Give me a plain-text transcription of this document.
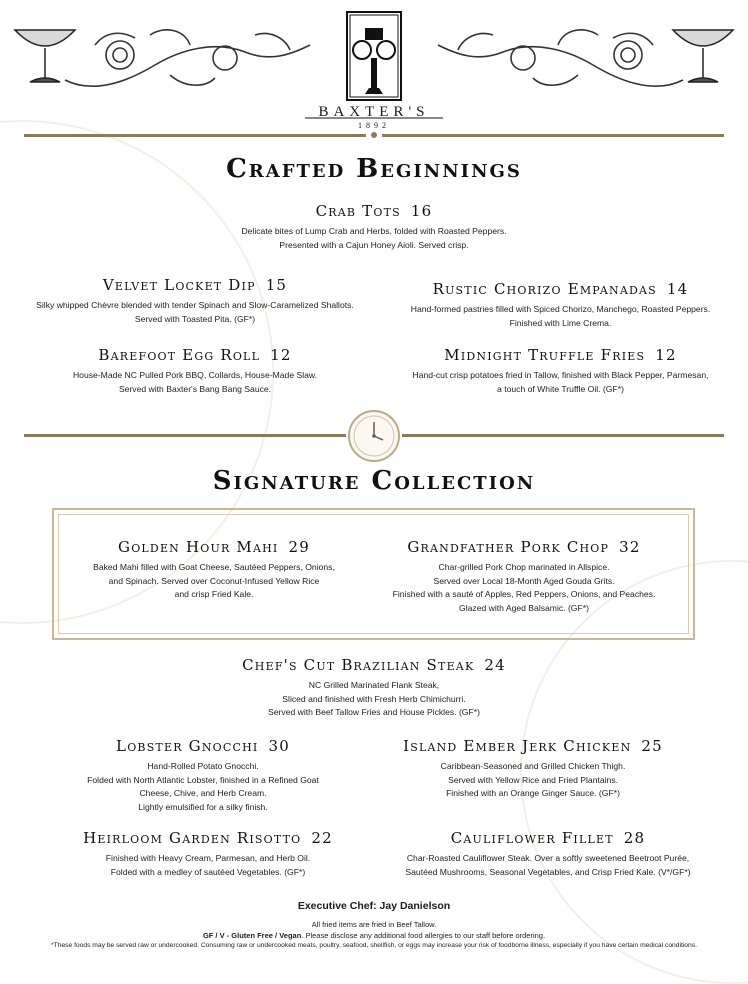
BAXTER'S
1892
Crafted Beginnings
Crab Tots 16
Delicate bites of Lump Crab and Herbs, folded with Roasted Peppers.
Presented with a Cajun Honey Aioli. Served crisp.
Velvet Locket Dip 15
Silky whipped Chèvre blended with tender Spinach and Slow-Caramelized Shallots.
Served with Toasted Pita. (GF*)
Rustic Chorizo Empanadas 14
Hand-formed pastries filled with Spiced Chorizo, Manchego, Roasted Peppers.
Finished with Lime Crema.
Barefoot Egg Roll 12
House-Made NC Pulled Pork BBQ, Collards, House-Made Slaw.
Served with Baxter's Bang Bang Sauce.
Midnight Truffle Fries 12
Hand-cut crisp potatoes fried in Tallow, finished with Black Pepper, Parmesan,
a touch of White Truffle Oil. (GF*)
Signature Collection
Golden Hour Mahi 29
Baked Mahi filled with Goat Cheese, Sautéed Peppers, Onions,
and Spinach. Served over Coconut-Infused Yellow Rice
and crisp Fried Kale.
Grandfather Pork Chop 32
Char-grilled Pork Chop marinated in Allspice.
Served over Local 18-Month Aged Gouda Grits.
Finished with a sauté of Apples, Red Peppers, Onions, and Peaches.
Glazed with Aged Balsamic. (GF*)
Chef's Cut Brazilian Steak 24
NC Grilled Marinated Flank Steak,
Sliced and finished with Fresh Herb Chimichurri.
Served with Beef Tallow Fries and House Pickles. (GF*)
Lobster Gnocchi 30
Hand-Rolled Potato Gnocchi.
Folded with North Atlantic Lobster, finished in a Refined Goat
Cheese, Chive, and Herb Cream.
Lightly emulsified for a silky finish.
Island Ember Jerk Chicken 25
Caribbean-Seasoned and Grilled Chicken Thigh.
Served with Yellow Rice and Fried Plantains.
Finished with an Orange Ginger Sauce. (GF*)
Heirloom Garden Risotto 22
Finished with Heavy Cream, Parmesan, and Herb Oil.
Folded with a medley of sautéed Vegetables. (GF*)
Cauliflower Fillet 28
Char-Roasted Cauliflower Steak. Over a softly sweetened Beetroot Purée,
Sautéed Mushrooms, Seasonal Vegetables, and Crisp Fried Kale. (V*/GF*)
Executive Chef: Jay Danielson
All fried items are fried in Beef Tallow.
GF / V - Gluten Free / Vegan. Please disclose any additional food allergies to our staff before ordering.
*These foods may be served raw or undercooked. Consuming raw or undercooked meats, poultry, seafood, shellfish, or eggs may increase your risk of foodborne illness, especially if you have certain medical conditions.
